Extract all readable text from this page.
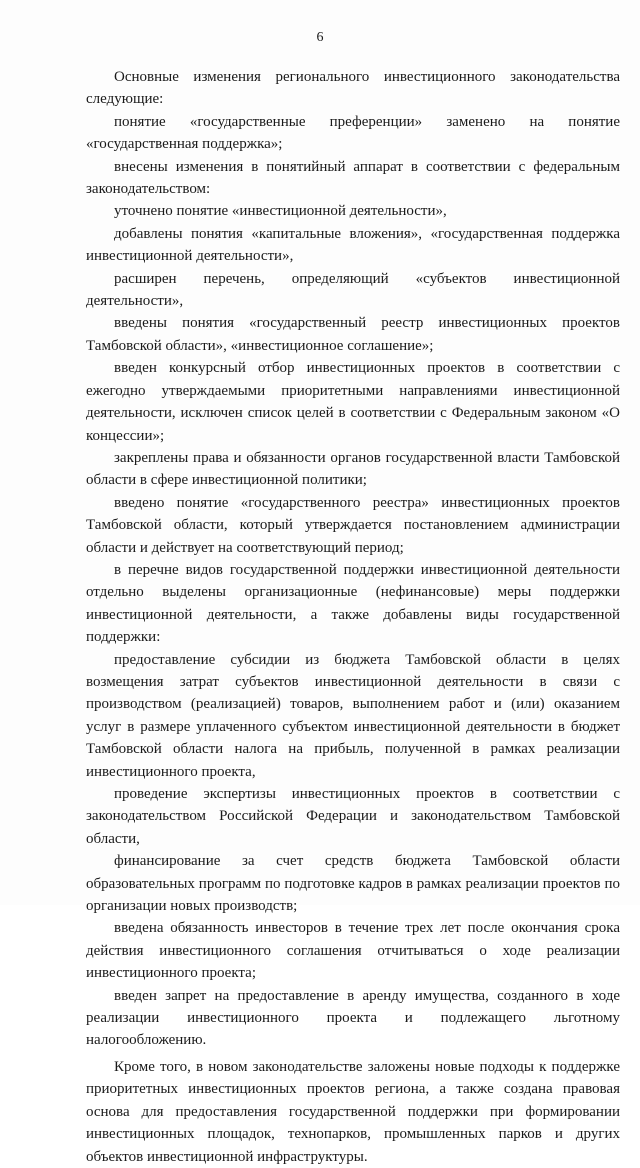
6

Основные изменения регионального инвестиционного законодательства следующие:

понятие «государственные преференции» заменено на понятие «государственная поддержка»;

внесены изменения в понятийный аппарат в соответствии с федеральным законодательством:

уточнено понятие «инвестиционной деятельности»,

добавлены понятия «капитальные вложения», «государственная поддержка инвестиционной деятельности»,

расширен перечень, определяющий «субъектов инвестиционной деятельности»,

введены понятия «государственный реестр инвестиционных проектов Тамбовской области», «инвестиционное соглашение»;

введен конкурсный отбор инвестиционных проектов в соответствии с ежегодно утверждаемыми приоритетными направлениями инвестиционной деятельности, исключен список целей в соответствии с Федеральным законом «О концессии»;

закреплены права и обязанности органов государственной власти Тамбовской области в сфере инвестиционной политики;

введено понятие «государственного реестра» инвестиционных проектов Тамбовской области, который утверждается постановлением администрации области и действует на соответствующий период;

в перечне видов государственной поддержки инвестиционной деятельности отдельно выделены организационные (нефинансовые) меры поддержки инвестиционной деятельности, а также добавлены виды государственной поддержки:

предоставление субсидии из бюджета Тамбовской области в целях возмещения затрат субъектов инвестиционной деятельности в связи с производством (реализацией) товаров, выполнением работ и (или) оказанием услуг в размере уплаченного субъектом инвестиционной деятельности в бюджет Тамбовской области налога на прибыль, полученной в рамках реализации инвестиционного проекта,

проведение экспертизы инвестиционных проектов в соответствии с законодательством Российской Федерации и законодательством Тамбовской области,

финансирование за счет средств бюджета Тамбовской области образовательных программ по подготовке кадров в рамках реализации проектов по организации новых производств;

введена обязанность инвесторов в течение трех лет после окончания срока действия инвестиционного соглашения отчитываться о ходе реализации инвестиционного проекта;

введен запрет на предоставление в аренду имущества, созданного в ходе реализации инвестиционного проекта и подлежащего льготному налогообложению.

Кроме того, в новом законодательстве заложены новые подходы к поддержке приоритетных инвестиционных проектов региона, а также создана правовая основа для предоставления государственной поддержки при формировании инвестиционных площадок, технопарков, промышленных парков и других объектов инвестиционной инфраструктуры.
